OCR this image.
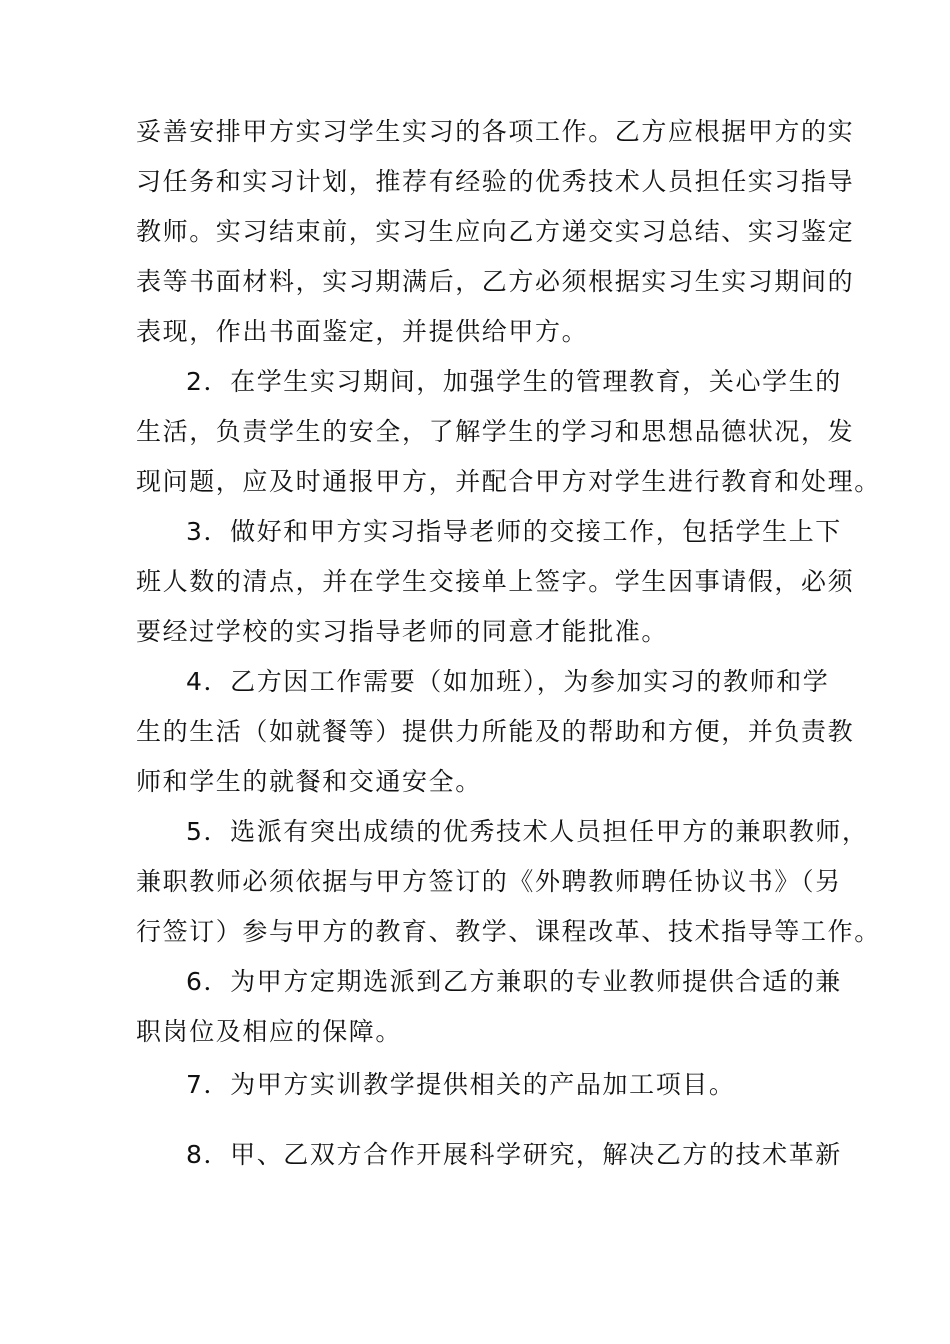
妥善安排甲方实习学生实习的各项工作。乙方应根据甲方的实
习任务和实习计划，推荐有经验的优秀技术人员担任实习指导
教师。实习结束前，实习生应向乙方递交实习总结、实习鉴定
表等书面材料，实习期满后，乙方必须根据实习生实习期间的
表现，作出书面鉴定，并提供给甲方。
2．在学生实习期间，加强学生的管理教育，关心学生的
生活，负责学生的安全，了解学生的学习和思想品德状况，发
现问题，应及时通报甲方，并配合甲方对学生进行教育和处理。
3．做好和甲方实习指导老师的交接工作，包括学生上下
班人数的清点，并在学生交接单上签字。学生因事请假，必须
要经过学校的实习指导老师的同意才能批准。
4．乙方因工作需要（如加班），为参加实习的教师和学
生的生活（如就餐等）提供力所能及的帮助和方便，并负责教
师和学生的就餐和交通安全。
5．选派有突出成绩的优秀技术人员担任甲方的兼职教师，
兼职教师必须依据与甲方签订的《外聘教师聘任协议书》（另
行签订）参与甲方的教育、教学、课程改革、技术指导等工作。
6．为甲方定期选派到乙方兼职的专业教师提供合适的兼
职岗位及相应的保障。
7．为甲方实训教学提供相关的产品加工项目。
8．甲、乙双方合作开展科学研究，解决乙方的技术革新
